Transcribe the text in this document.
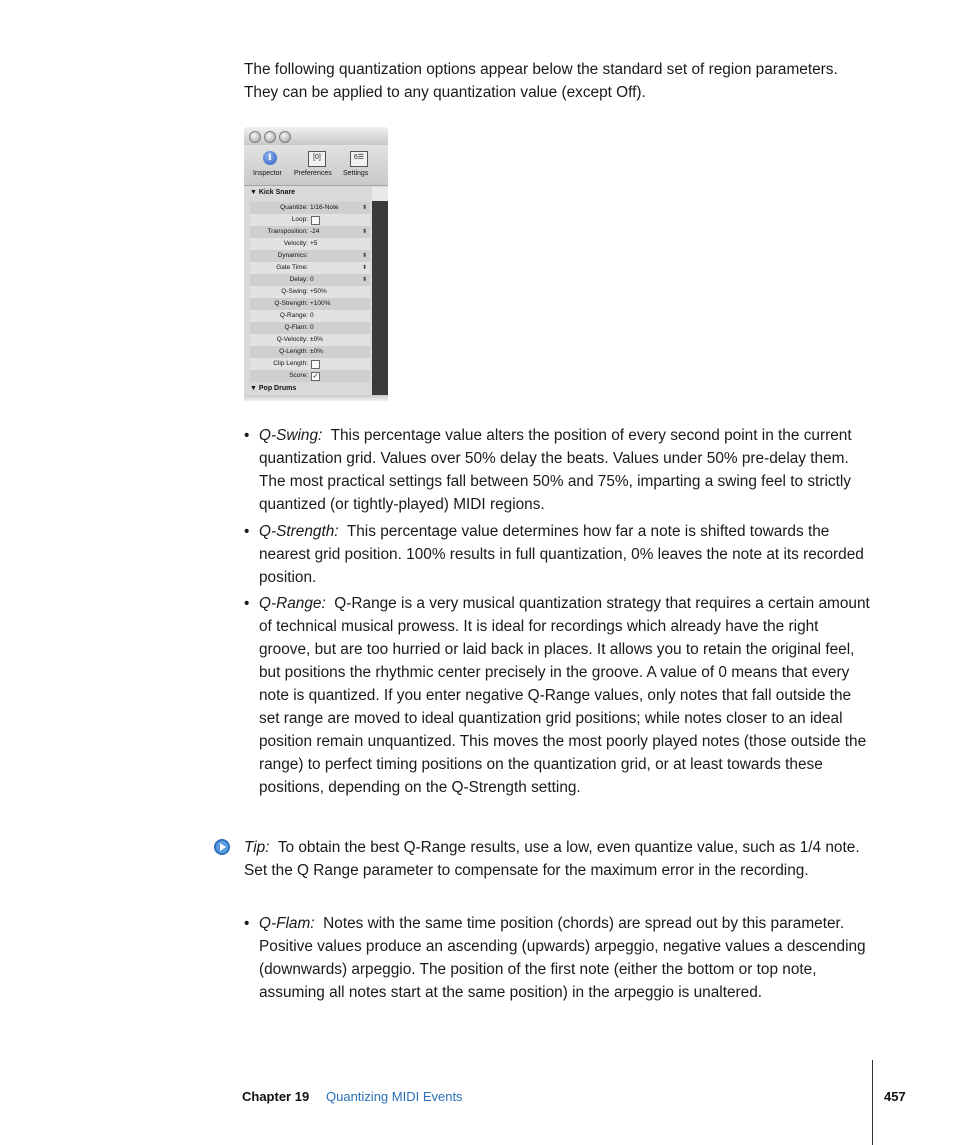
The following quantization options appear below the standard set of region parameters. They can be applied to any quantization value (except Off).

i
Inspector
[0]
Preferences
6☰
Settings
▼ Kick Snare
Quantize: 1/16-Note	⬍
Loop:
Transposition: -24	⬍
Velocity: +5
Dynamics:	⬍
Gate Time:	⬍
Delay: 0	⬍
Q-Swing: +50%
Q-Strength: +100%
Q-Range: 0
Q-Flam: 0
Q-Velocity: ±0%
Q-Length: ±0%
Clip Length:
Score: ✓
▼ Pop Drums
• Q-Swing: This percentage value alters the position of every second point in the current quantization grid. Values over 50% delay the beats. Values under 50% pre-delay them. The most practical settings fall between 50% and 75%, imparting a swing feel to strictly quantized (or tightly-played) MIDI regions.
• Q-Strength: This percentage value determines how far a note is shifted towards the nearest grid position. 100% results in full quantization, 0% leaves the note at its recorded position.
• Q-Range: Q-Range is a very musical quantization strategy that requires a certain amount of technical musical prowess. It is ideal for recordings which already have the right groove, but are too hurried or laid back in places. It allows you to retain the original feel, but positions the rhythmic center precisely in the groove. A value of 0 means that every note is quantized. If you enter negative Q-Range values, only notes that fall outside the set range are moved to ideal quantization grid positions; while notes closer to an ideal position remain unquantized. This moves the most poorly played notes (those outside the range) to perfect timing positions on the quantization grid, or at least towards these positions, depending on the Q-Strength setting.

Tip: To obtain the best Q-Range results, use a low, even quantize value, such as 1/4 note. Set the Q Range parameter to compensate for the maximum error in the recording.

• Q-Flam: Notes with the same time position (chords) are spread out by this parameter. Positive values produce an ascending (upwards) arpeggio, negative values a descending (downwards) arpeggio. The position of the first note (either the bottom or top note, assuming all notes start at the same position) in the arpeggio is unaltered.
Chapter 19 Quantizing MIDI Events	457
